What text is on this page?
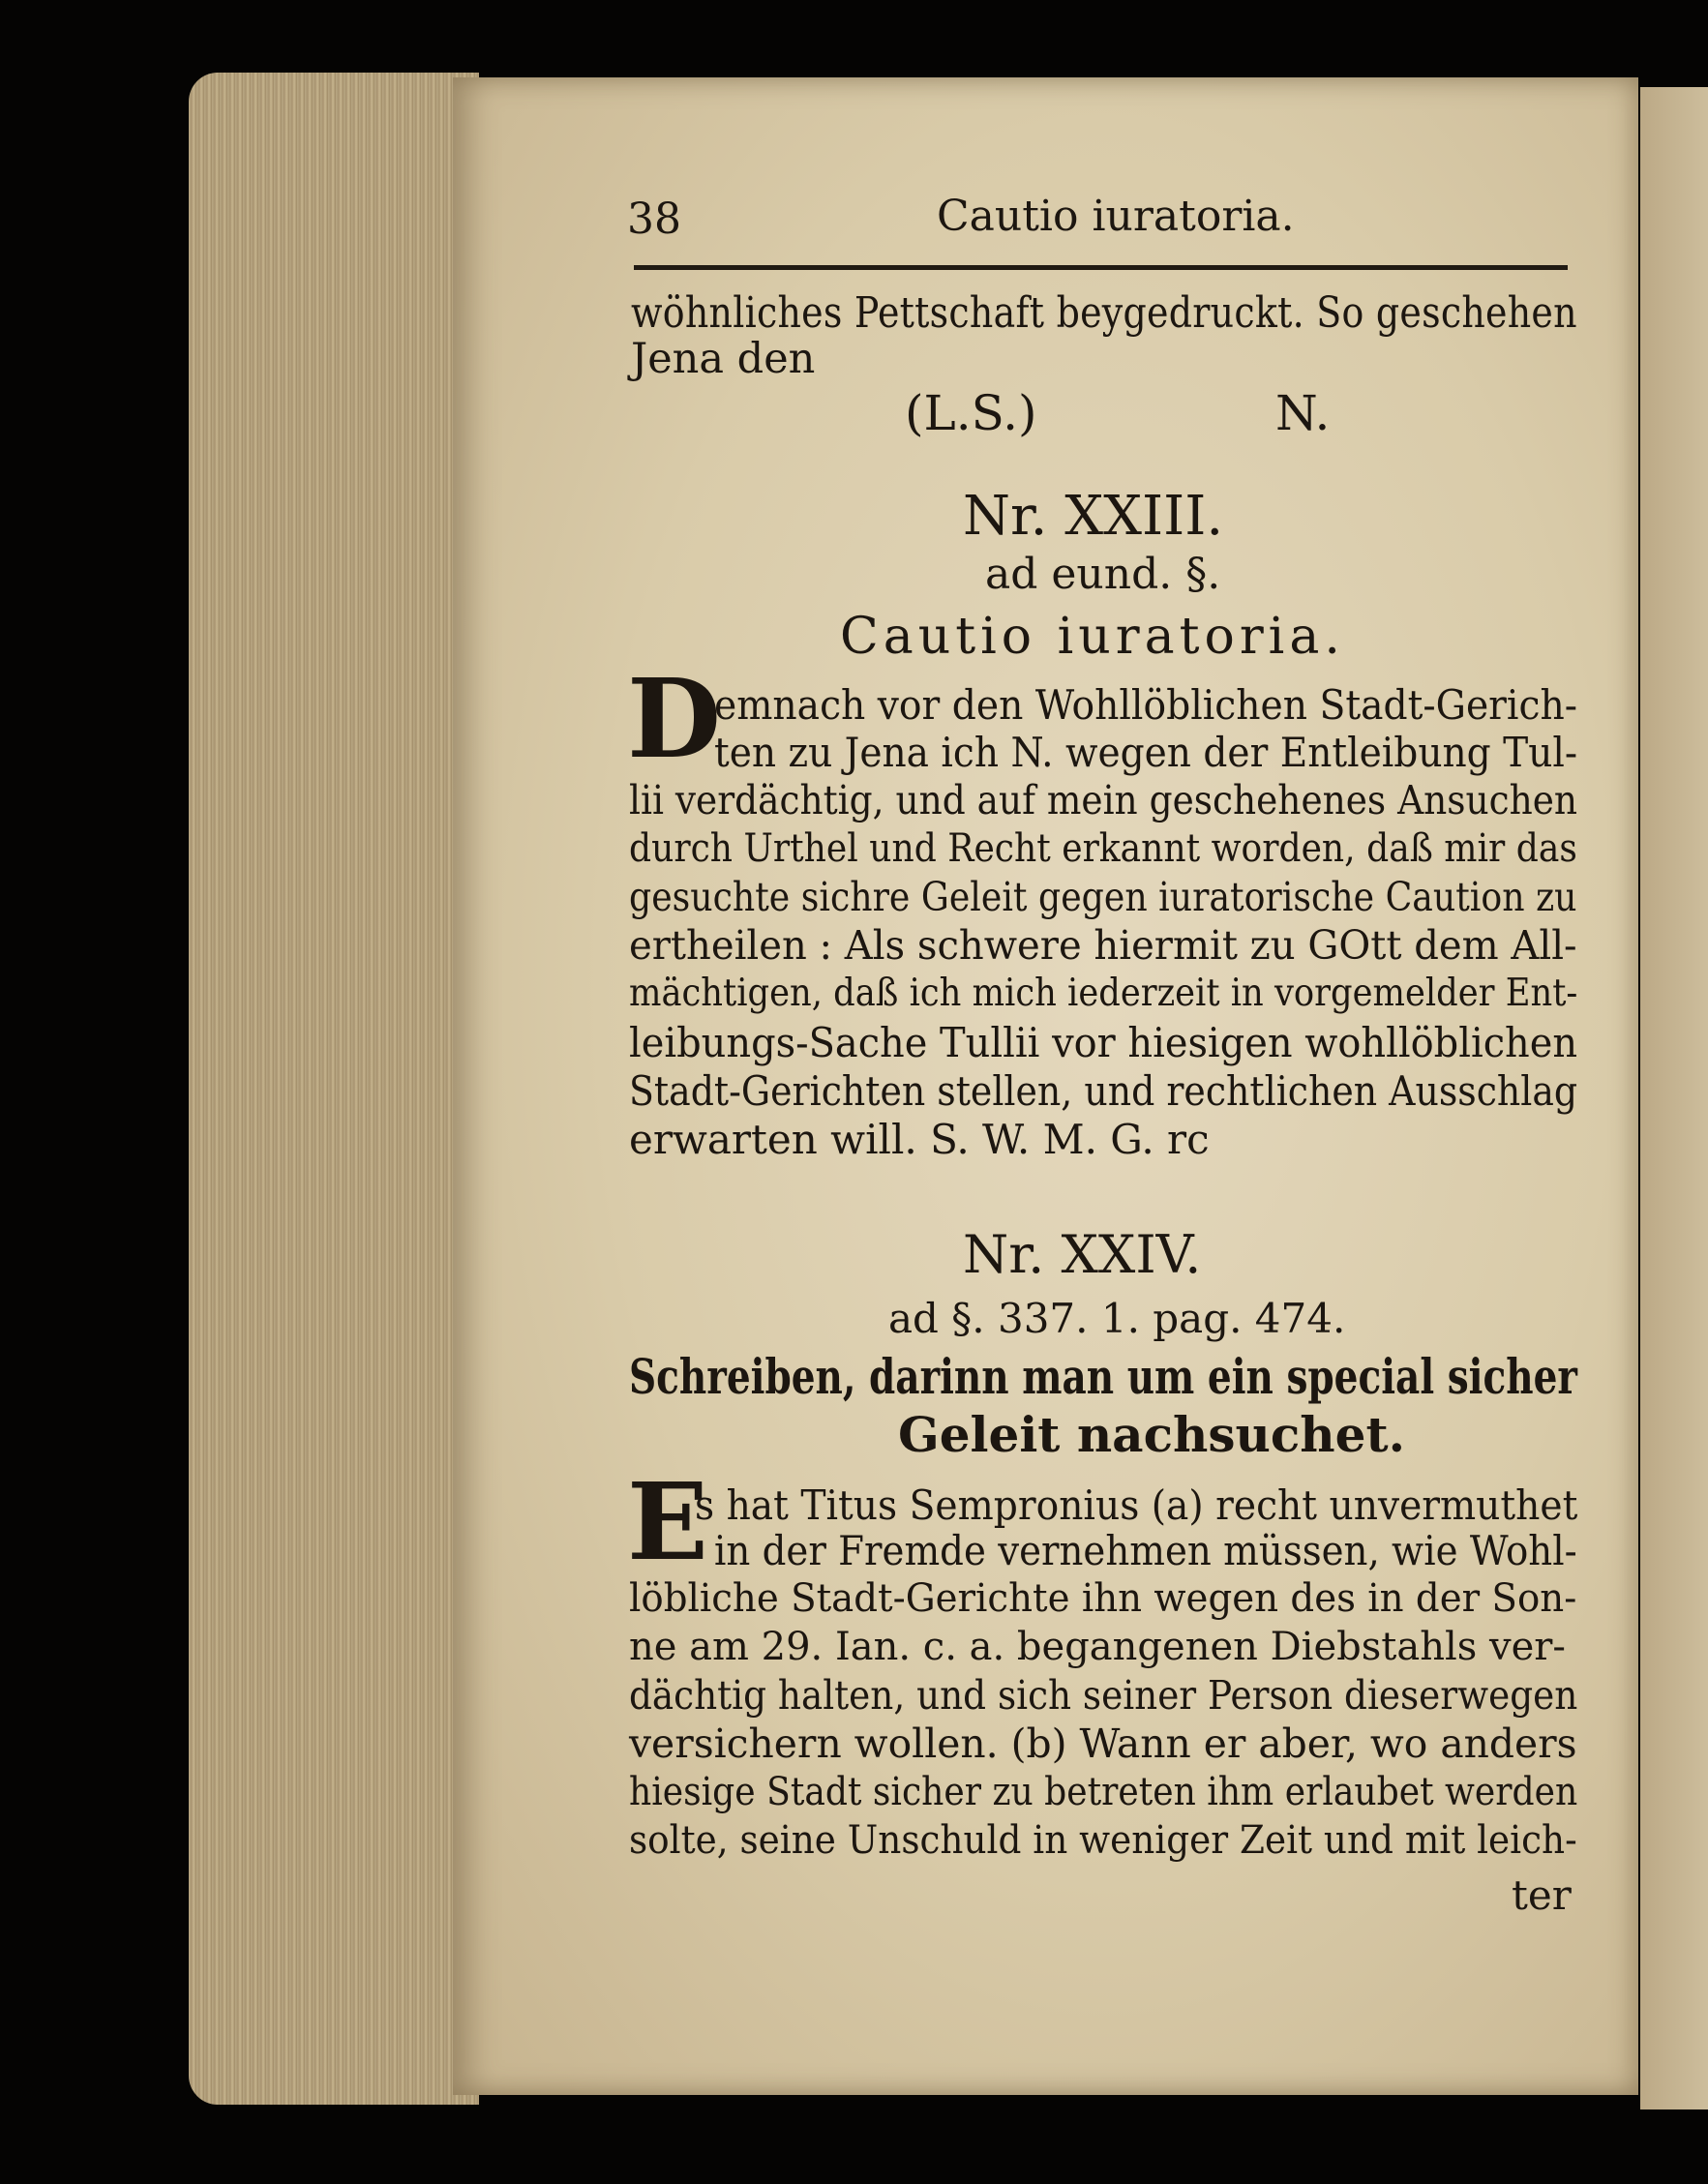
38	Cautio iuratoria.
wöhnliches Pettschaft beygedruckt. So geschehen
Jena den
(L.S.)	N.
Nr. XXIII.
ad eund. §.
Cautio iuratoria.
D
emnach vor den Wohllöblichen Stadt-Gerich-
ten zu Jena ich N. wegen der Entleibung Tul-
lii verdächtig, und auf mein geschehenes Ansuchen
durch Urthel und Recht erkannt worden, daß mir das
gesuchte sichre Geleit gegen iuratorische Caution zu
ertheilen : Als schwere hiermit zu GOtt dem All-
mächtigen, daß ich mich iederzeit in vorgemelder Ent-
leibungs-Sache Tullii vor hiesigen wohllöblichen
Stadt-Gerichten stellen, und rechtlichen Ausschlag
erwarten will. S. W. M. G. rc
Nr. XXIV.
ad §. 337. 1. pag. 474.
Schreiben, darinn man um ein special sicher
Geleit nachsuchet.
E
s hat Titus Sempronius (a) recht unvermuthet
in der Fremde vernehmen müssen, wie Wohl-
löbliche Stadt-Gerichte ihn wegen des in der Son-
ne am 29. Ian. c. a. begangenen Diebstahls ver-
dächtig halten, und sich seiner Person dieserwegen
versichern wollen. (b) Wann er aber, wo anders
hiesige Stadt sicher zu betreten ihm erlaubet werden
solte, seine Unschuld in weniger Zeit und mit leich-
ter
